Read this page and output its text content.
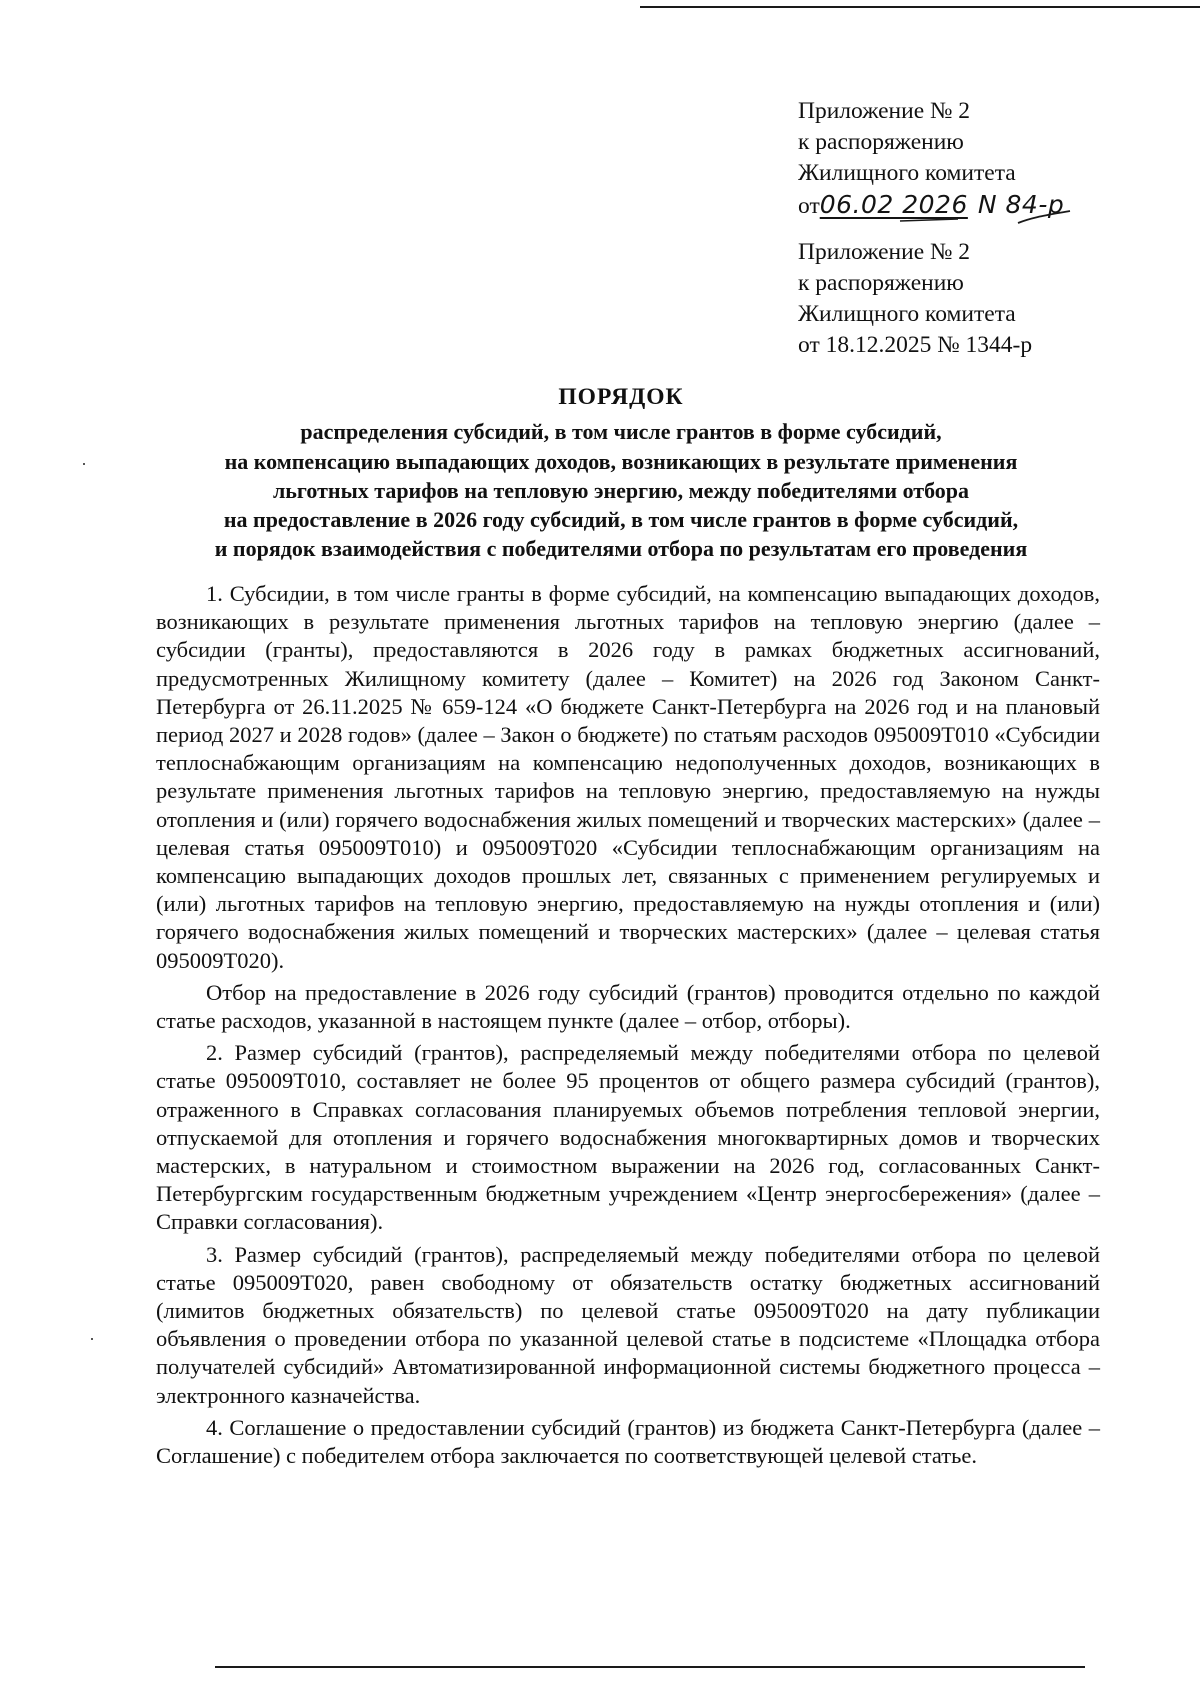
Приложение № 2
к распоряжению
Жилищного комитета
от06.02 2026 N 84-р
Приложение № 2
к распоряжению
Жилищного комитета
от 18.12.2025 № 1344-р
ПОРЯДОК
распределения субсидий, в том числе грантов в форме субсидий,
на компенсацию выпадающих доходов, возникающих в результате применения
льготных тарифов на тепловую энергию, между победителями отбора
на предоставление в 2026 году субсидий, в том числе грантов в форме субсидий,
и порядок взаимодействия с победителями отбора по результатам его проведения

1. Субсидии, в том числе гранты в форме субсидий, на компенсацию выпадающих доходов, возникающих в результате применения льготных тарифов на тепловую энергию (далее – субсидии (гранты), предоставляются в 2026 году в рамках бюджетных ассигнований, предусмотренных Жилищному комитету (далее – Комитет) на 2026 год Законом Санкт-Петербурга от 26.11.2025 № 659-124 «О бюджете Санкт-Петербурга на 2026 год и на плановый период 2027 и 2028 годов» (далее – Закон о бюджете) по статьям расходов 095009Т010 «Субсидии теплоснабжающим организациям на компенсацию недополученных доходов, возникающих в результате применения льготных тарифов на тепловую энергию, предоставляемую на нужды отопления и (или) горячего водоснабжения жилых помещений и творческих мастерских» (далее – целевая статья 095009Т010) и 095009Т020 «Субсидии теплоснабжающим организациям на компенсацию выпадающих доходов прошлых лет, связанных с применением регулируемых и (или) льготных тарифов на тепловую энергию, предоставляемую на нужды отопления и (или) горячего водоснабжения жилых помещений и творческих мастерских» (далее – целевая статья 095009Т020).

Отбор на предоставление в 2026 году субсидий (грантов) проводится отдельно по каждой статье расходов, указанной в настоящем пункте (далее – отбор, отборы).

2. Размер субсидий (грантов), распределяемый между победителями отбора по целевой статье 095009Т010, составляет не более 95 процентов от общего размера субсидий (грантов), отраженного в Справках согласования планируемых объемов потребления тепловой энергии, отпускаемой для отопления и горячего водоснабжения многоквартирных домов и творческих мастерских, в натуральном и стоимостном выражении на 2026 год, согласованных Санкт-Петербургским государственным бюджетным учреждением «Центр энергосбережения» (далее – Справки согласования).

3. Размер субсидий (грантов), распределяемый между победителями отбора по целевой статье 095009Т020, равен свободному от обязательств остатку бюджетных ассигнований (лимитов бюджетных обязательств) по целевой статье 095009Т020 на дату публикации объявления о проведении отбора по указанной целевой статье в подсистеме «Площадка отбора получателей субсидий» Автоматизированной информационной системы бюджетного процесса – электронного казначейства.

4. Соглашение о предоставлении субсидий (грантов) из бюджета Санкт-Петербурга (далее – Соглашение) с победителем отбора заключается по соответствующей целевой статье.
